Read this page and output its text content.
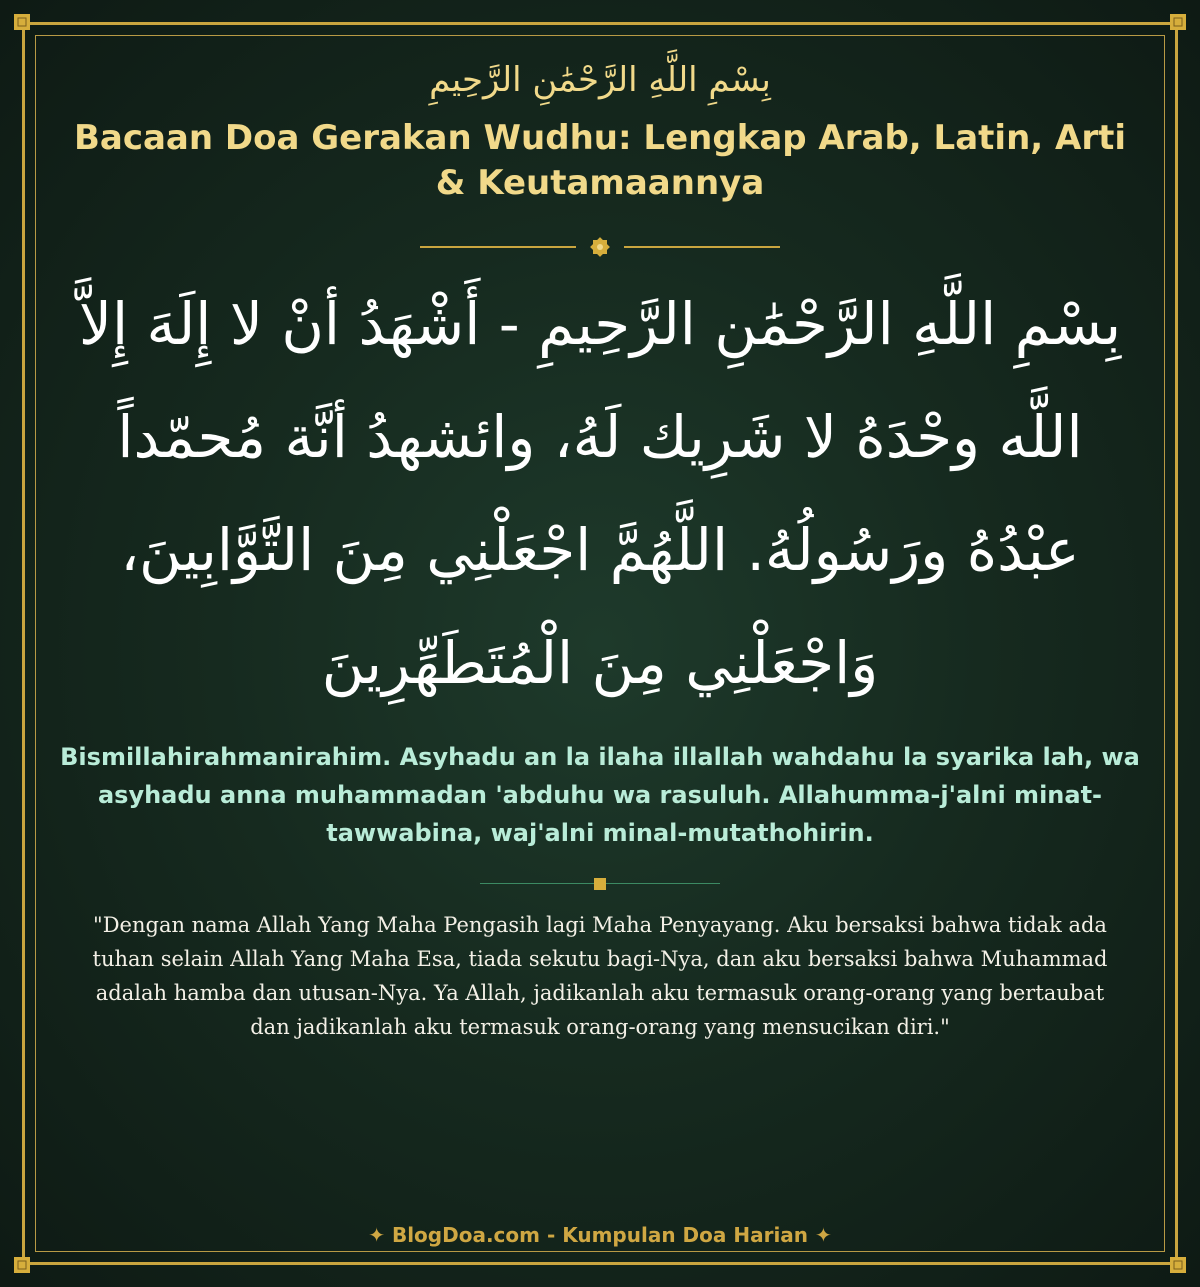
بِسْمِ اللَّهِ الرَّحْمَٰنِ الرَّحِيمِ
Bacaan Doa Gerakan Wudhu: Lengkap Arab, Latin, Arti & Keutamaannya
بِسْمِ اللَّهِ الرَّحْمَٰنِ الرَّحِيمِ - أَشْهَدُ أنْ لا إِلَهَ إِلاَّ اللَّه وحْدَهُ لا شَرِيك لَهُ، وائشهدُ أنَّة مُحمّداً عبْدُهُ ورَسُولُهُ. اللَّهُمَّ اجْعَلْنِي مِنَ التَّوَّابِينَ، وَاجْعَلْنِي مِنَ الْمُتَطَهِّرِينَ
Bismillahirahmanirahim. Asyhadu an la ilaha illallah wahdahu la syarika lah, wa asyhadu anna muhammadan 'abduhu wa rasuluh. Allahumma-j'alni minat-tawwabina, waj'alni minal-mutathohirin.
"Dengan nama Allah Yang Maha Pengasih lagi Maha Penyayang. Aku bersaksi bahwa tidak ada tuhan selain Allah Yang Maha Esa, tiada sekutu bagi-Nya, dan aku bersaksi bahwa Muhammad adalah hamba dan utusan-Nya. Ya Allah, jadikanlah aku termasuk orang-orang yang bertaubat dan jadikanlah aku termasuk orang-orang yang mensucikan diri."
✦ BlogDoa.com - Kumpulan Doa Harian ✦
